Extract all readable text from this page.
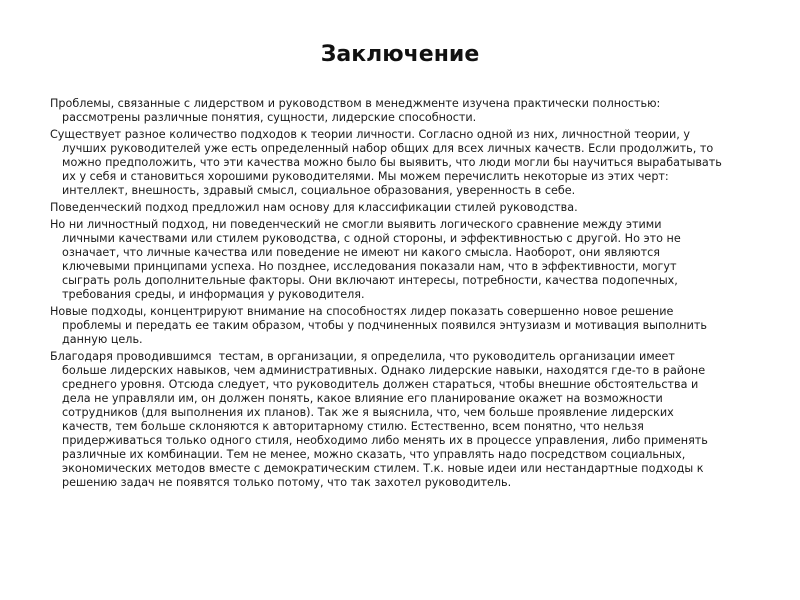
Заключение

Проблемы, связанные с лидерством и руководством в менеджменте изучена практически полностью:
рассмотрены различные понятия, сущности, лидерские способности.

Существует разное количество подходов к теории личности. Согласно одной из них, личностной теории, у
лучших руководителей уже есть определенный набор общих для всех личных качеств. Если продолжить, то
можно предположить, что эти качества можно было бы выявить, что люди могли бы научиться вырабатывать
их у себя и становиться хорошими руководителями. Мы можем перечислить некоторые из этих черт:
интеллект, внешность, здравый смысл, социальное образования, уверенность в себе.

Поведенческий подход предложил нам основу для классификации стилей руководства.

Но ни личностный подход, ни поведенческий не смогли выявить логического сравнение между этими
личными качествами или стилем руководства, с одной стороны, и эффективностью с другой. Но это не
означает, что личные качества или поведение не имеют ни какого смысла. Наоборот, они являются
ключевыми принципами успеха. Но позднее, исследования показали нам, что в эффективности, могут
сыграть роль дополнительные факторы. Они включают интересы, потребности, качества подопечных,
требования среды, и информация у руководителя.

Новые подходы, концентрируют внимание на способностях лидер показать совершенно новое решение
проблемы и передать ее таким образом, чтобы у подчиненных появился энтузиазм и мотивация выполнить
данную цель.

Благодаря проводившимся  тестам, в организации, я определила, что руководитель организации имеет
больше лидерских навыков, чем административных. Однако лидерские навыки, находятся где-то в районе
среднего уровня. Отсюда следует, что руководитель должен стараться, чтобы внешние обстоятельства и
дела не управляли им, он должен понять, какое влияние его планирование окажет на возможности
сотрудников (для выполнения их планов). Так же я выяснила, что, чем больше проявление лидерских
качеств, тем больше склоняются к авторитарному стилю. Естественно, всем понятно, что нельзя
придерживаться только одного стиля, необходимо либо менять их в процессе управления, либо применять
различные их комбинации. Тем не менее, можно сказать, что управлять надо посредством социальных,
экономических методов вместе с демократическим стилем. Т.к. новые идеи или нестандартные подходы к
решению задач не появятся только потому, что так захотел руководитель.
